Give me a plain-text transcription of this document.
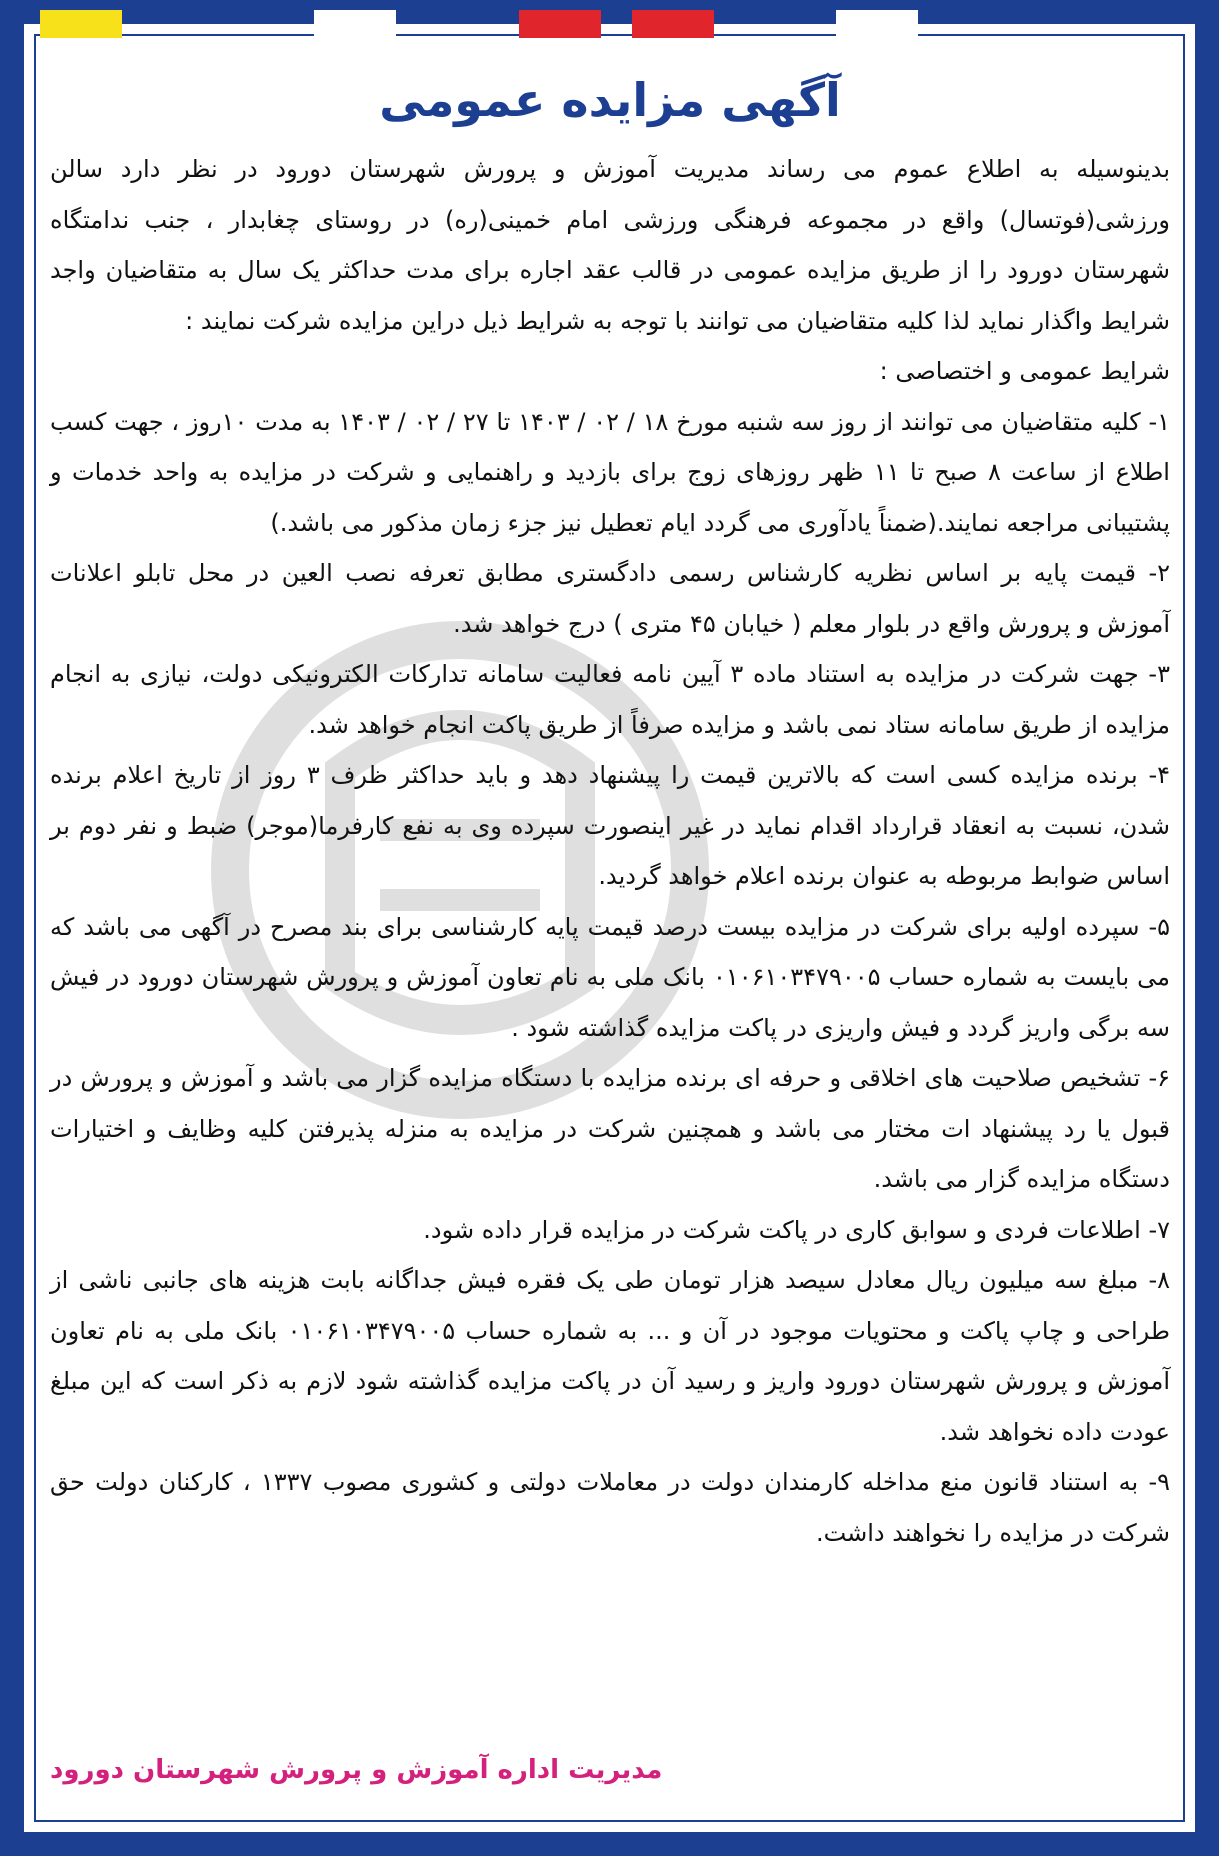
آگهی مزایده عمومی

بدینوسیله به اطلاع عموم می رساند مدیریت آموزش و پرورش شهرستان دورود در نظر دارد سالن ورزشی(فوتسال) واقع در مجموعه فرهنگی ورزشی امام خمینی(ره) در روستای چغابدار ، جنب ندامتگاه شهرستان دورود را از طریق مزایده عمومی در قالب عقد اجاره برای مدت حداکثر یک سال به متقاضیان واجد شرایط واگذار نماید لذا کلیه متقاضیان می توانند با توجه به شرایط ذیل دراین مزایده شرکت نمایند :

شرایط عمومی و اختصاصی :

۱- کلیه متقاضیان می توانند از روز سه شنبه مورخ ۱۸ / ۰۲ / ۱۴۰۳ تا ۲۷ / ۰۲ / ۱۴۰۳ به مدت ۱۰روز ، جهت کسب اطلاع از ساعت ۸ صبح تا ۱۱ ظهر روزهای زوج برای بازدید و راهنمایی و شرکت در مزایده به واحد خدمات و پشتیبانی مراجعه نمایند.(ضمناً یادآوری می گردد ایام تعطیل نیز جزء زمان مذکور می باشد.)

۲- قیمت پایه بر اساس نظریه کارشناس رسمی دادگستری مطابق تعرفه نصب العین در محل تابلو اعلانات آموزش و پرورش واقع در بلوار معلم ( خیابان ۴۵ متری ) درج خواهد شد.

۳- جهت شرکت در مزایده به استناد ماده ۳ آیین نامه فعالیت سامانه تدارکات الکترونیکی دولت، نیازی به انجام مزایده از طریق سامانه ستاد نمی باشد و مزایده صرفاً از طریق پاکت انجام خواهد شد.

۴- برنده مزایده کسی است که بالاترین قیمت را پیشنهاد دهد و باید حداکثر ظرف ۳ روز از تاریخ اعلام برنده شدن، نسبت به انعقاد قرارداد اقدام نماید در غیر اینصورت سپرده وی به نفع کارفرما(موجر) ضبط و نفر دوم بر اساس ضوابط مربوطه به عنوان برنده اعلام خواهد گردید.

۵- سپرده اولیه برای شرکت در مزایده بیست درصد قیمت پایه کارشناسی برای بند مصرح در آگهی می باشد که می بایست به شماره حساب ۰۱۰۶۱۰۳۴۷۹۰۰۵ بانک ملی به نام تعاون آموزش و پرورش شهرستان دورود در فیش سه برگی واریز گردد و فیش واریزی در پاکت مزایده گذاشته شود .

۶- تشخیص صلاحیت های اخلاقی و حرفه ای برنده مزایده با دستگاه مزایده گزار می باشد و آموزش و پرورش در قبول یا رد پیشنهاد ات مختار می باشد و همچنین شرکت در مزایده به منزله پذیرفتن کلیه وظایف و اختیارات دستگاه مزایده گزار می باشد.

۷- اطلاعات فردی و سوابق کاری در پاکت شرکت در مزایده قرار داده شود.

۸- مبلغ سه میلیون ریال معادل سیصد هزار تومان طی یک فقره فیش جداگانه بابت هزینه های جانبی ناشی از طراحی و چاپ پاکت و محتویات موجود در آن و ... به شماره حساب ۰۱۰۶۱۰۳۴۷۹۰۰۵ بانک ملی به نام تعاون آموزش و پرورش شهرستان دورود واریز و رسید آن در پاکت مزایده گذاشته شود لازم به ذکر است که این مبلغ عودت داده نخواهد شد.

۹- به استناد قانون منع مداخله کارمندان دولت در معاملات دولتی و کشوری مصوب ۱۳۳۷ ، کارکنان دولت حق شرکت در مزایده را نخواهند داشت.

مدیریت اداره آموزش و پرورش شهرستان دورود
